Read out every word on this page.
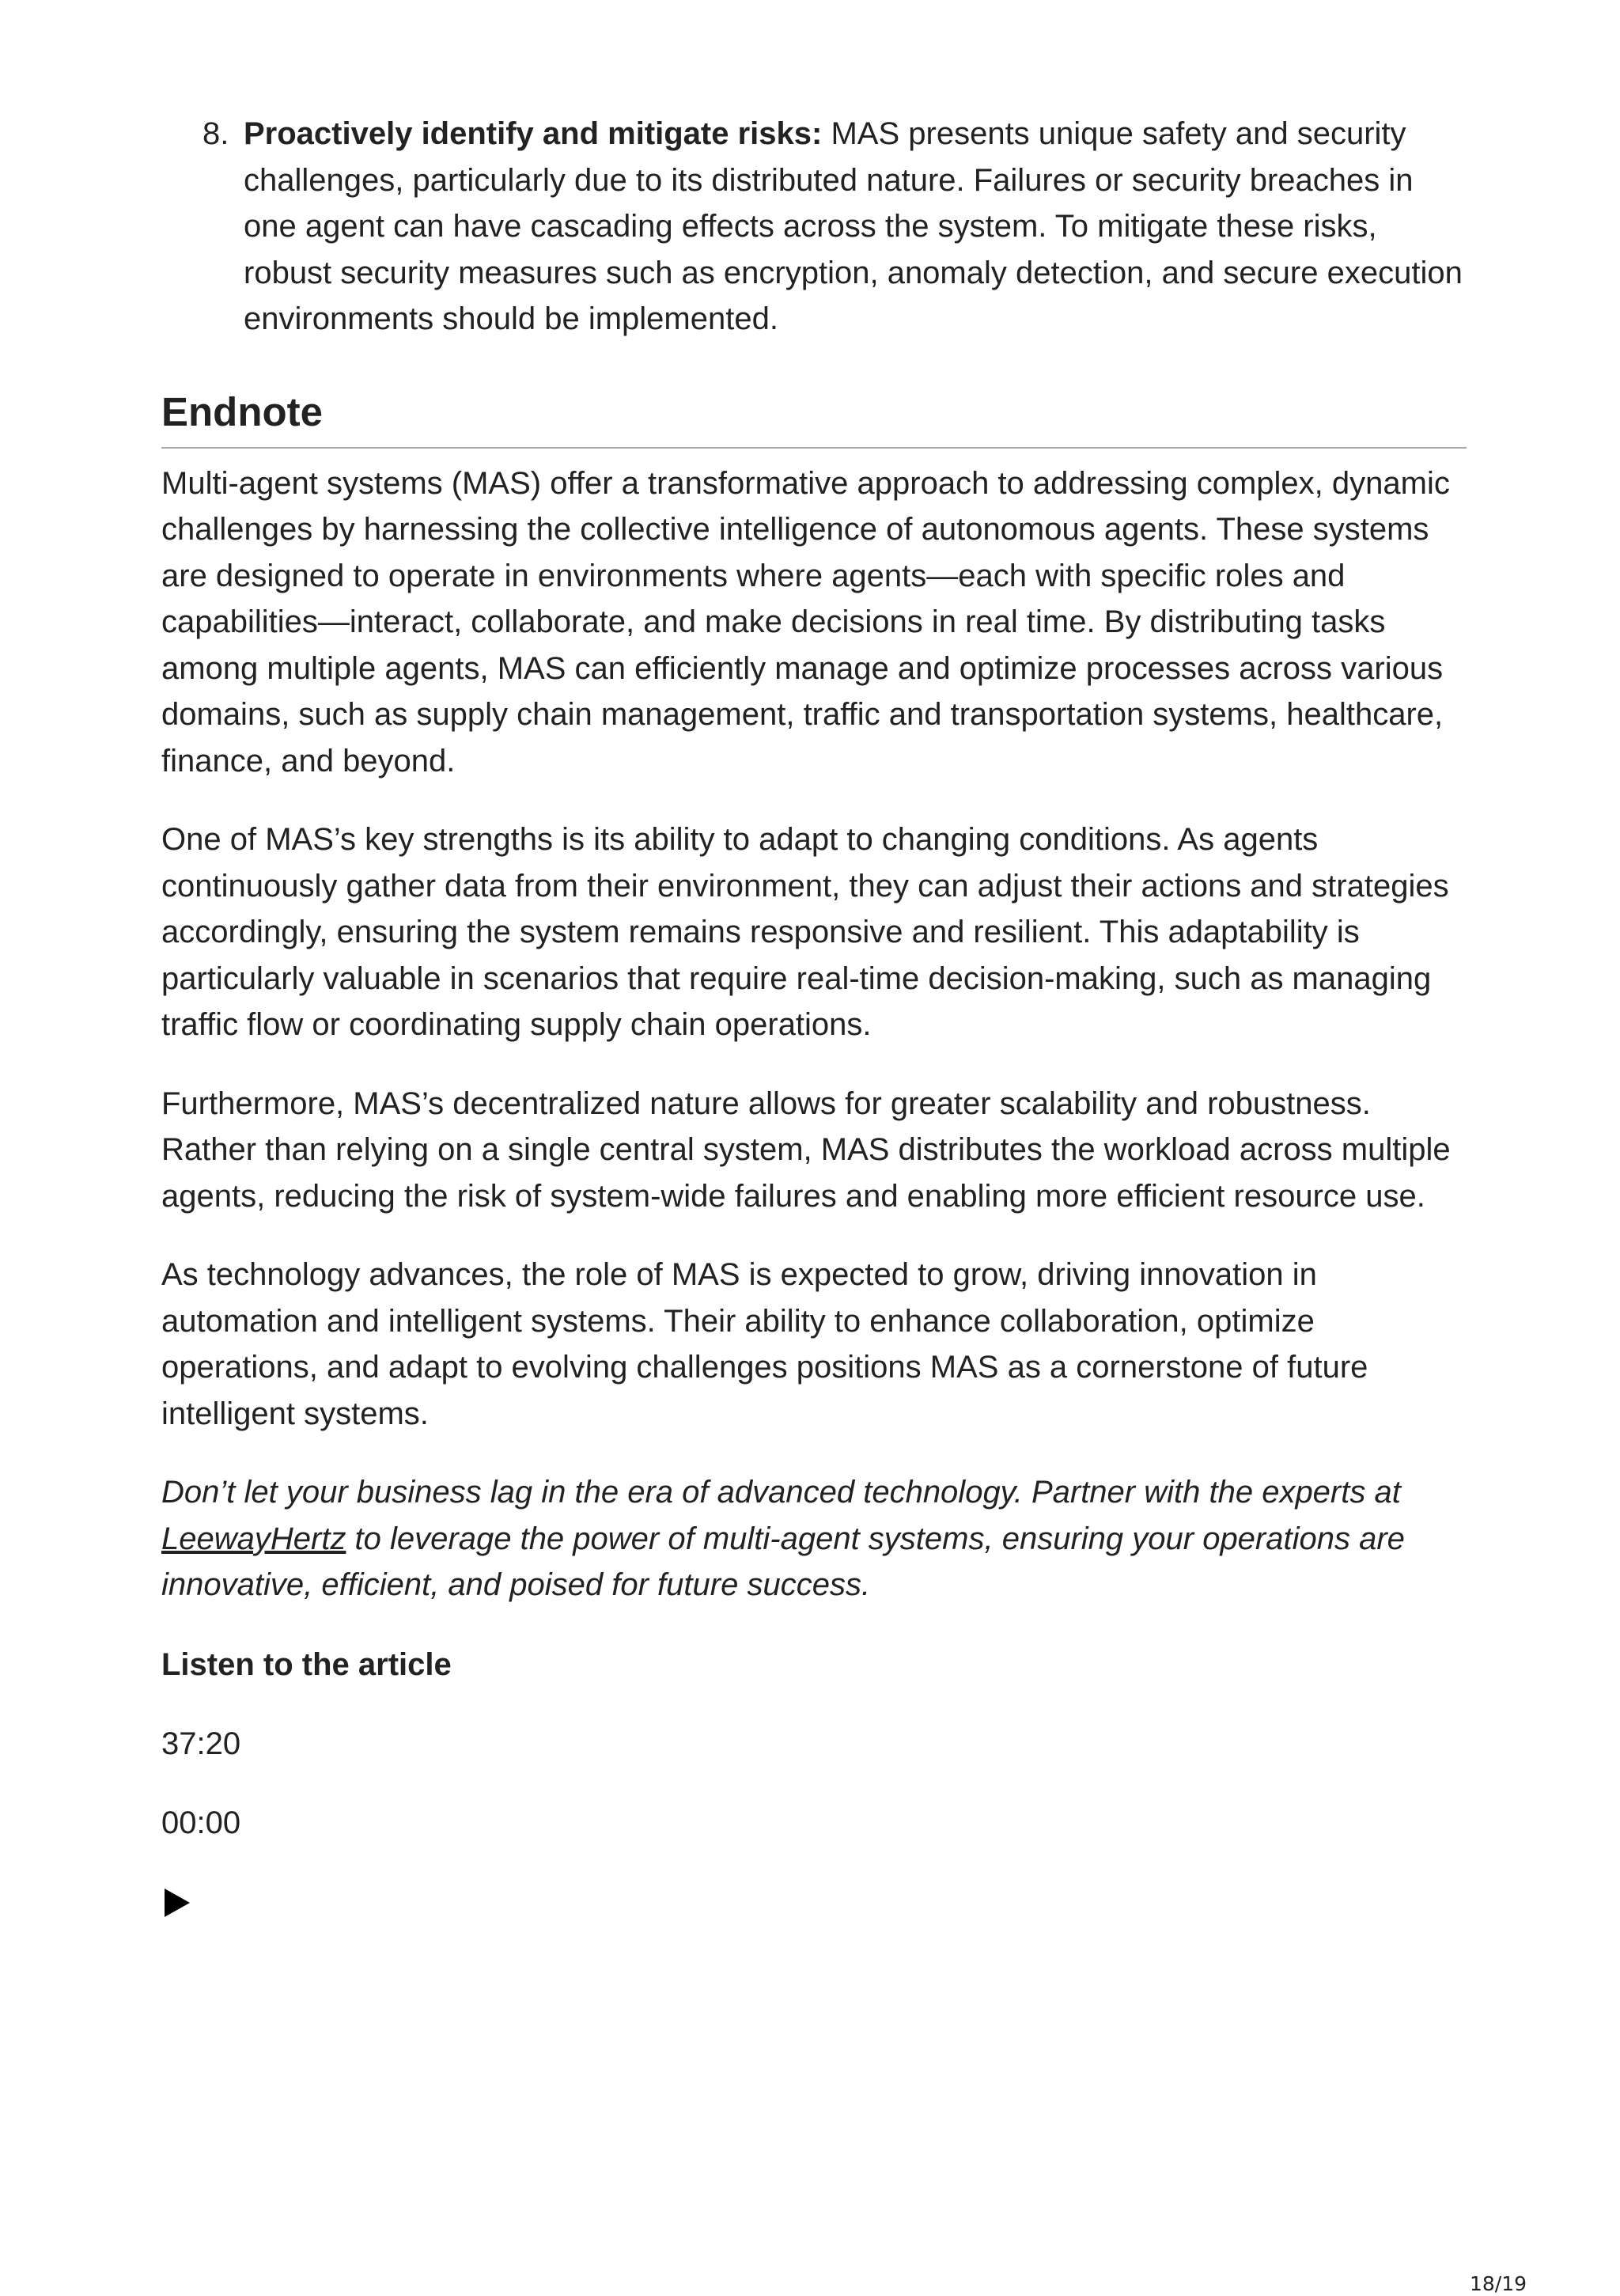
8. Proactively identify and mitigate risks: MAS presents unique safety and security challenges, particularly due to its distributed nature. Failures or security breaches in one agent can have cascading effects across the system. To mitigate these risks, robust security measures such as encryption, anomaly detection, and secure execution environments should be implemented.
Endnote

Multi-agent systems (MAS) offer a transformative approach to addressing complex, dynamic challenges by harnessing the collective intelligence of autonomous agents. These systems are designed to operate in environments where agents—each with specific roles and capabilities—interact, collaborate, and make decisions in real time. By distributing tasks among multiple agents, MAS can efficiently manage and optimize processes across various domains, such as supply chain management, traffic and transportation systems, healthcare, finance, and beyond.

One of MAS’s key strengths is its ability to adapt to changing conditions. As agents continuously gather data from their environment, they can adjust their actions and strategies accordingly, ensuring the system remains responsive and resilient. This adaptability is particularly valuable in scenarios that require real-time decision-making, such as managing traffic flow or coordinating supply chain operations.

Furthermore, MAS’s decentralized nature allows for greater scalability and robustness. Rather than relying on a single central system, MAS distributes the workload across multiple agents, reducing the risk of system-wide failures and enabling more efficient resource use.

As technology advances, the role of MAS is expected to grow, driving innovation in automation and intelligent systems. Their ability to enhance collaboration, optimize operations, and adapt to evolving challenges positions MAS as a cornerstone of future intelligent systems.

Don’t let your business lag in the era of advanced technology. Partner with the experts at LeewayHertz to leverage the power of multi-agent systems, ensuring your operations are innovative, efficient, and poised for future success.

Listen to the article

37:20

00:00

18/19
